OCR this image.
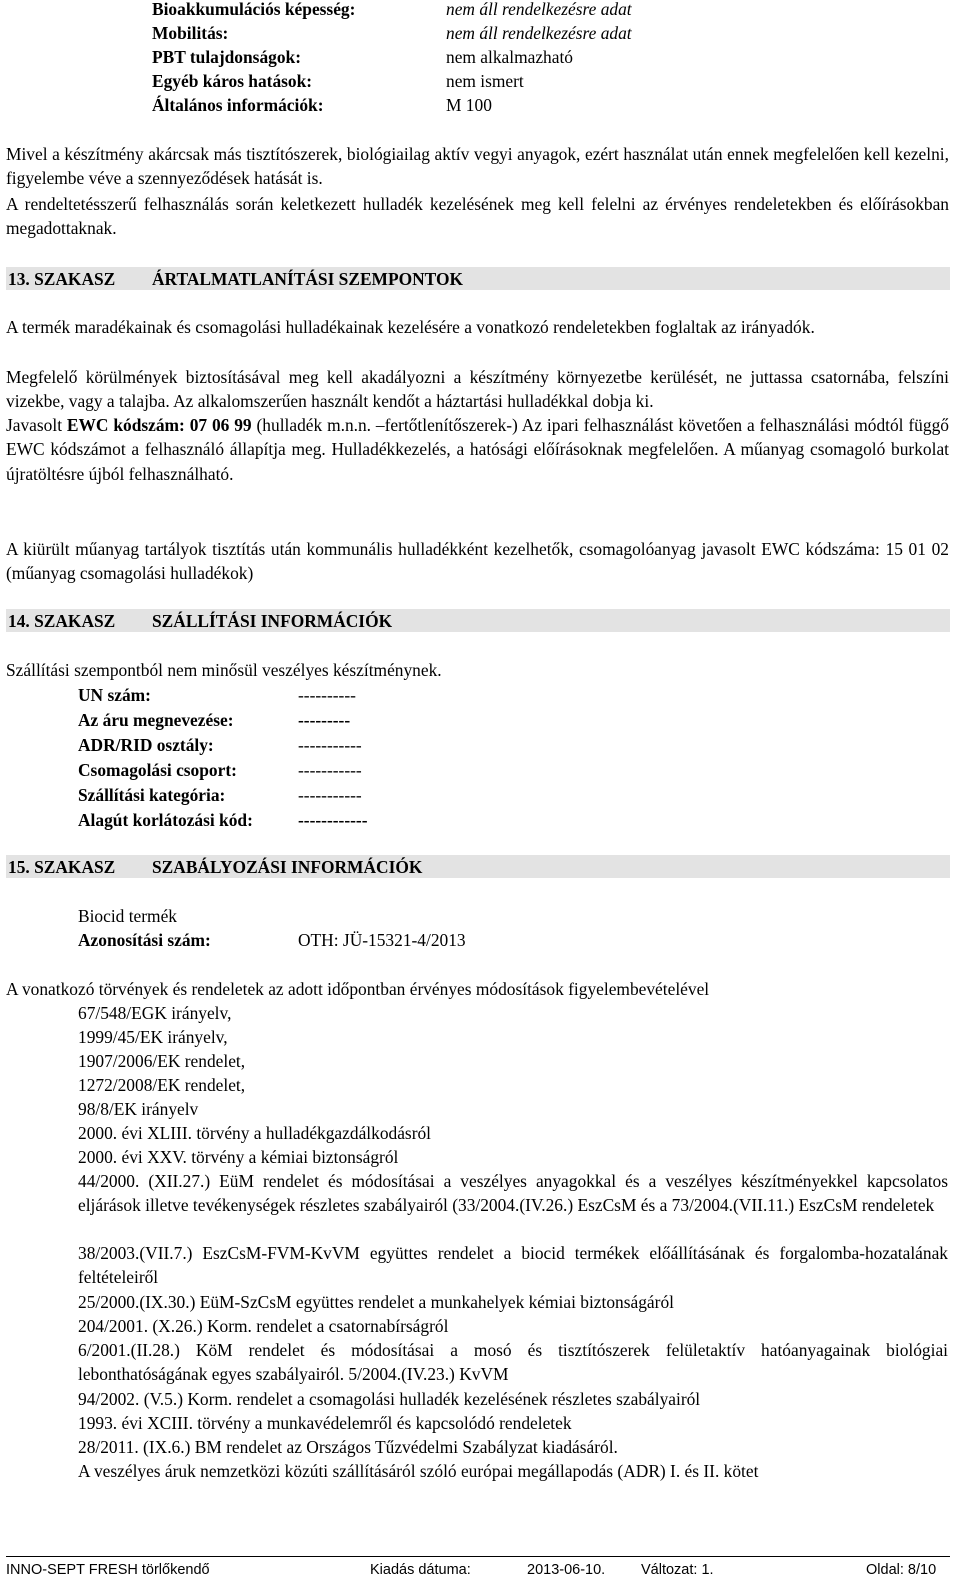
Bioakkumulációs képesség:	nem áll rendelkezésre adat
Mobilitás:	nem áll rendelkezésre adat
PBT tulajdonságok:	nem alkalmazható
Egyéb káros hatások:	nem ismert
Általános információk:	M 100
Mivel a készítmény akárcsak más tisztítószerek, biológiailag aktív vegyi anyagok, ezért használat után ennek megfelelően kell kezelni, figyelembe véve a szennyeződések hatását is.
A rendeltetésszerű felhasználás során keletkezett hulladék kezelésének meg kell felelni az érvényes rendeletekben és előírásokban megadottaknak.
13. SZAKASZ ÁRTALMATLANÍTÁSI SZEMPONTOK
A termék maradékainak és csomagolási hulladékainak kezelésére a vonatkozó rendeletekben foglaltak az irányadók.
Megfelelő körülmények biztosításával meg kell akadályozni a készítmény környezetbe kerülését, ne juttassa csatornába, felszíni vizekbe, vagy a talajba. Az alkalomszerűen használt kendőt a háztartási hulladékkal dobja ki.
Javasolt EWC kódszám: 07 06 99 (hulladék m.n.n. –fertőtlenítőszerek-) Az ipari felhasználást követően a felhasználási módtól függő EWC kódszámot a felhasználó állapítja meg. Hulladékkezelés, a hatósági előírásoknak megfelelően. A műanyag csomagoló burkolat újratöltésre újból felhasználható.
A kiürült műanyag tartályok tisztítás után kommunális hulladékként kezelhetők, csomagolóanyag javasolt EWC kódszáma: 15 01 02 (műanyag csomagolási hulladékok)
14. SZAKASZ SZÁLLÍTÁSI INFORMÁCIÓK
Szállítási szempontból nem minősül veszélyes készítménynek.
UN szám:	----------
Az áru megnevezése:	---------
ADR/RID osztály:	-----------
Csomagolási csoport:	-----------
Szállítási kategória:	-----------
Alagút korlátozási kód:	------------
15. SZAKASZ SZABÁLYOZÁSI INFORMÁCIÓK
Biocid termék
Azonosítási szám:	OTH: JÜ-15321-4/2013
A vonatkozó törvények és rendeletek az adott időpontban érvényes módosítások figyelembevételével
67/548/EGK irányelv,
1999/45/EK irányelv,
1907/2006/EK rendelet,
1272/2008/EK rendelet,
98/8/EK irányelv
2000. évi XLIII. törvény a hulladékgazdálkodásról
2000. évi XXV. törvény a kémiai biztonságról
44/2000. (XII.27.) EüM rendelet és módosításai a veszélyes anyagokkal és a veszélyes készítményekkel kapcsolatos eljárások illetve tevékenységek részletes szabályairól (33/2004.(IV.26.) EszCsM és a 73/2004.(VII.11.) EszCsM rendeletek
38/2003.(VII.7.) EszCsM-FVM-KvVM együttes rendelet a biocid termékek előállításának és forgalomba-hozatalának feltételeiről
25/2000.(IX.30.) EüM-SzCsM együttes rendelet a munkahelyek kémiai biztonságáról
204/2001. (X.26.) Korm. rendelet a csatornabírságról
6/2001.(II.28.) KöM rendelet és módosításai a mosó és tisztítószerek felületaktív hatóanyagainak biológiai lebonthatóságának egyes szabályairól. 5/2004.(IV.23.) KvVM
94/2002. (V.5.) Korm. rendelet a csomagolási hulladék kezelésének részletes szabályairól
1993. évi XCIII. törvény a munkavédelemről és kapcsolódó rendeletek
28/2011. (IX.6.) BM rendelet az Országos Tűzvédelmi Szabályzat kiadásáról.
A veszélyes áruk nemzetközi közúti szállításáról szóló európai megállapodás (ADR) I. és II. kötet
INNO-SEPT FRESH törlőkendő	Kiadás dátuma:	2013-06-10. Változat: 1.	Oldal: 8/10
